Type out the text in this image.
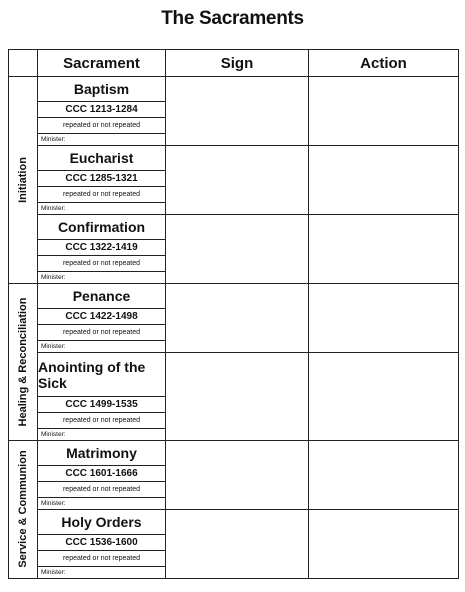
The Sacraments
	Sacrament	Sign	Action

Initiation	Baptism
CCC 1213-1284
repeated or not repeated
Minister:		

Eucharist
CCC 1285-1321
repeated or not repeated
Minister:		

Confirmation
CCC 1322-1419
repeated or not repeated
Minister:		

Healing & Reconciliation	Penance
CCC 1422-1498
repeated or not repeated
Minister:		

Anointing of the Sick
CCC 1499-1535
repeated or not repeated
Minister:		

Service & Communion	Matrimony
CCC 1601-1666
repeated or not repeated
Minister:		

Holy Orders
CCC 1536-1600
repeated or not repeated
Minister:		
